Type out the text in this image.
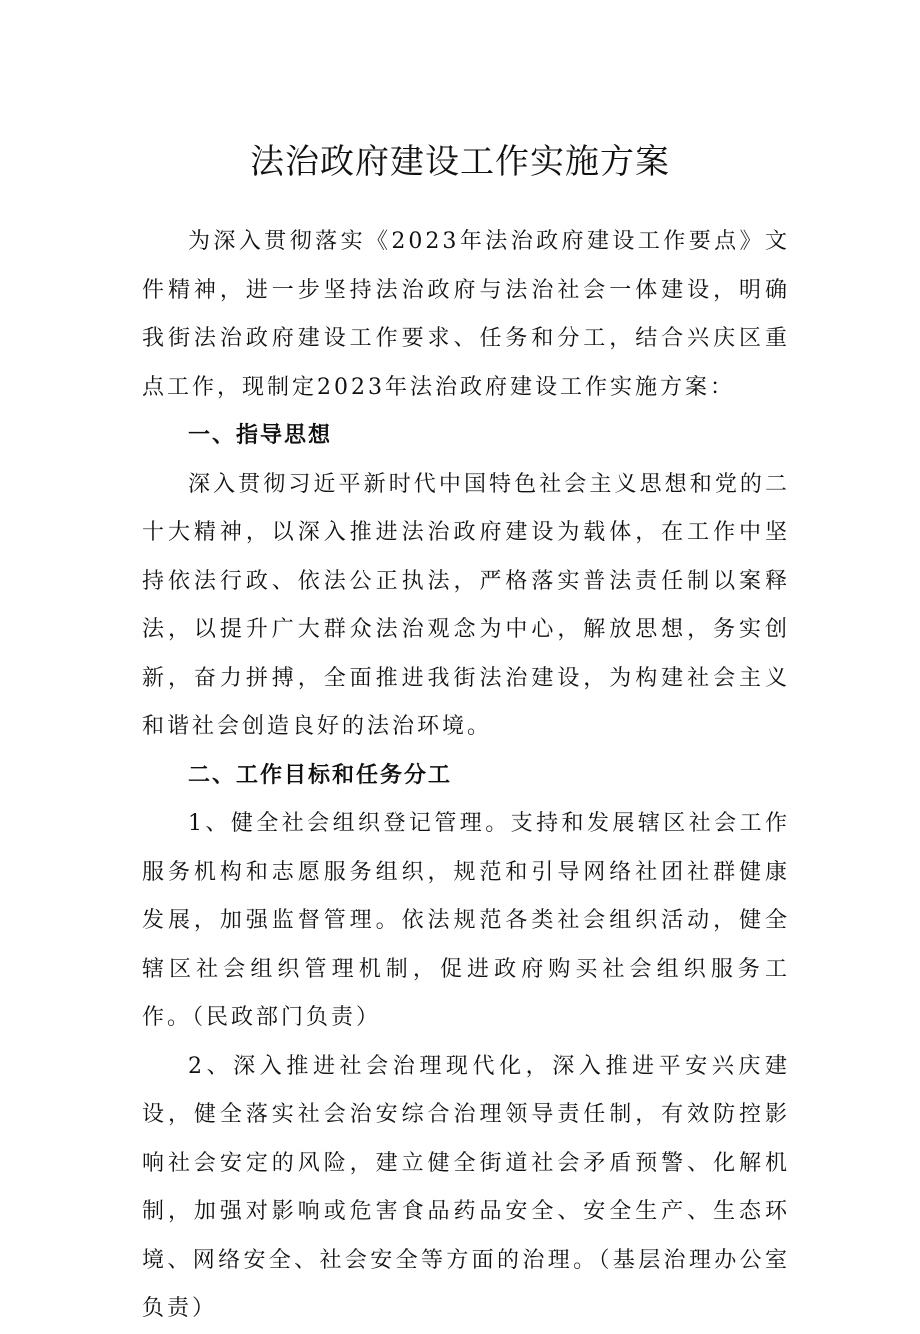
法治政府建设工作实施方案

为深入贯彻落实《2023年法治政府建设工作要点》文件精神，进一步坚持法治政府与法治社会一体建设，明确我街法治政府建设工作要求、任务和分工，结合兴庆区重点工作，现制定2023年法治政府建设工作实施方案：

一、指导思想

深入贯彻习近平新时代中国特色社会主义思想和党的二十大精神，以深入推进法治政府建设为载体，在工作中坚持依法行政、依法公正执法，严格落实普法责任制以案释法，以提升广大群众法治观念为中心，解放思想，务实创新，奋力拼搏，全面推进我街法治建设，为构建社会主义和谐社会创造良好的法治环境。

二、工作目标和任务分工

1、健全社会组织登记管理。支持和发展辖区社会工作服务机构和志愿服务组织，规范和引导网络社团社群健康发展，加强监督管理。依法规范各类社会组织活动，健全辖区社会组织管理机制，促进政府购买社会组织服务工作。（民政部门负责）

2、深入推进社会治理现代化，深入推进平安兴庆建设，健全落实社会治安综合治理领导责任制，有效防控影响社会安定的风险，建立健全街道社会矛盾预警、化解机制，加强对影响或危害食品药品安全、安全生产、生态环境、网络安全、社会安全等方面的治理。（基层治理办公室负责）
